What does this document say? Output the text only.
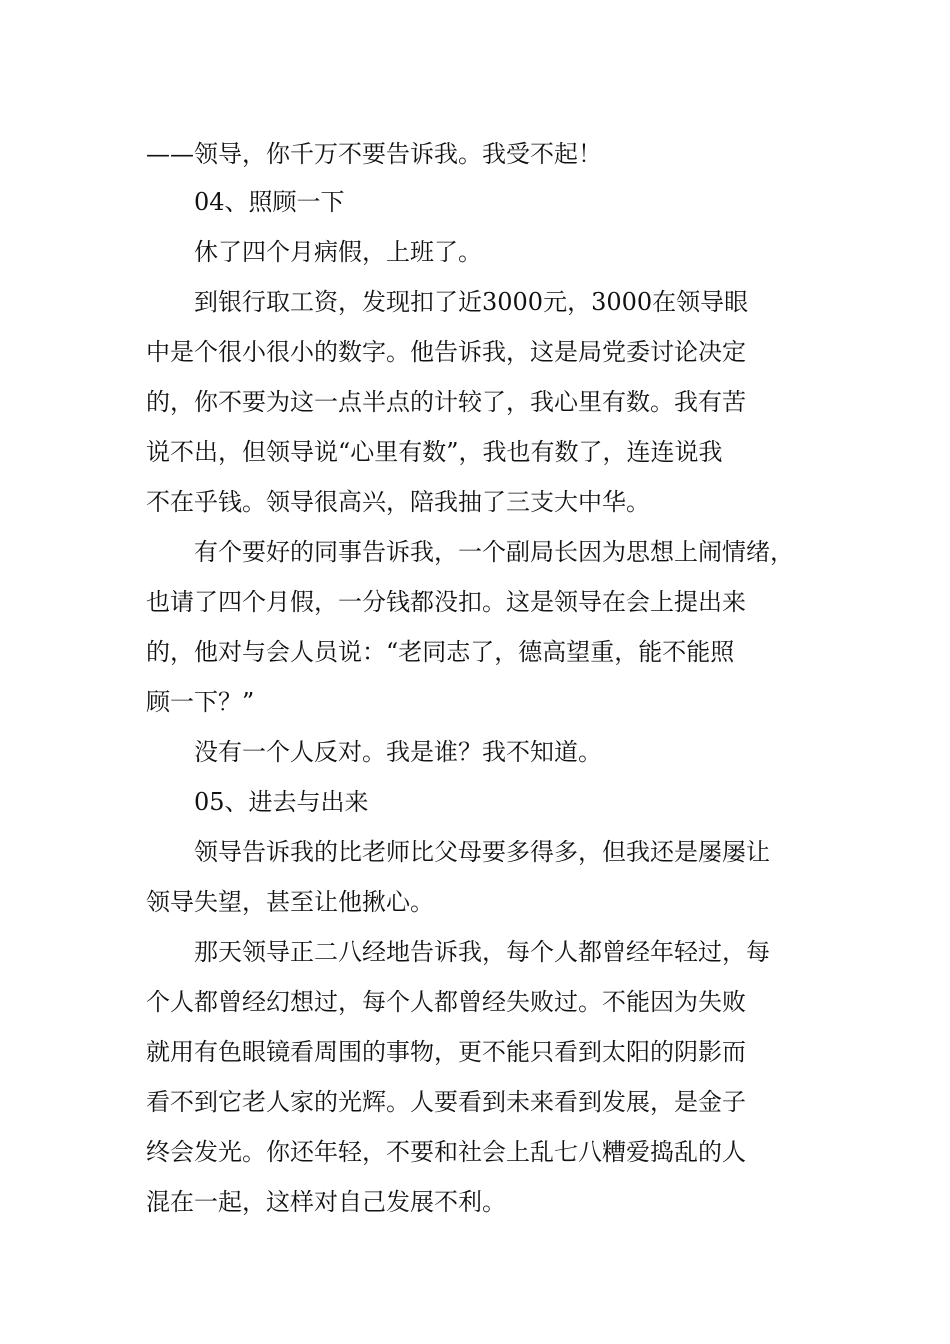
——领导，你千万不要告诉我。我受不起！
04、照顾一下
休了四个月病假，上班了。
到银行取工资，发现扣了近3000元，3000在领导眼
中是个很小很小的数字。他告诉我，这是局党委讨论决定
的，你不要为这一点半点的计较了，我心里有数。我有苦
说不出，但领导说“心里有数”，我也有数了，连连说我
不在乎钱。领导很高兴，陪我抽了三支大中华。
有个要好的同事告诉我，一个副局长因为思想上闹情绪，
也请了四个月假，一分钱都没扣。这是领导在会上提出来
的，他对与会人员说：“老同志了，德高望重，能不能照
顾一下？”
没有一个人反对。我是谁？我不知道。
05、进去与出来
领导告诉我的比老师比父母要多得多，但我还是屡屡让
领导失望，甚至让他揪心。
那天领导正二八经地告诉我，每个人都曾经年轻过，每
个人都曾经幻想过，每个人都曾经失败过。不能因为失败
就用有色眼镜看周围的事物，更不能只看到太阳的阴影而
看不到它老人家的光辉。人要看到未来看到发展，是金子
终会发光。你还年轻，不要和社会上乱七八糟爱捣乱的人
混在一起，这样对自己发展不利。
